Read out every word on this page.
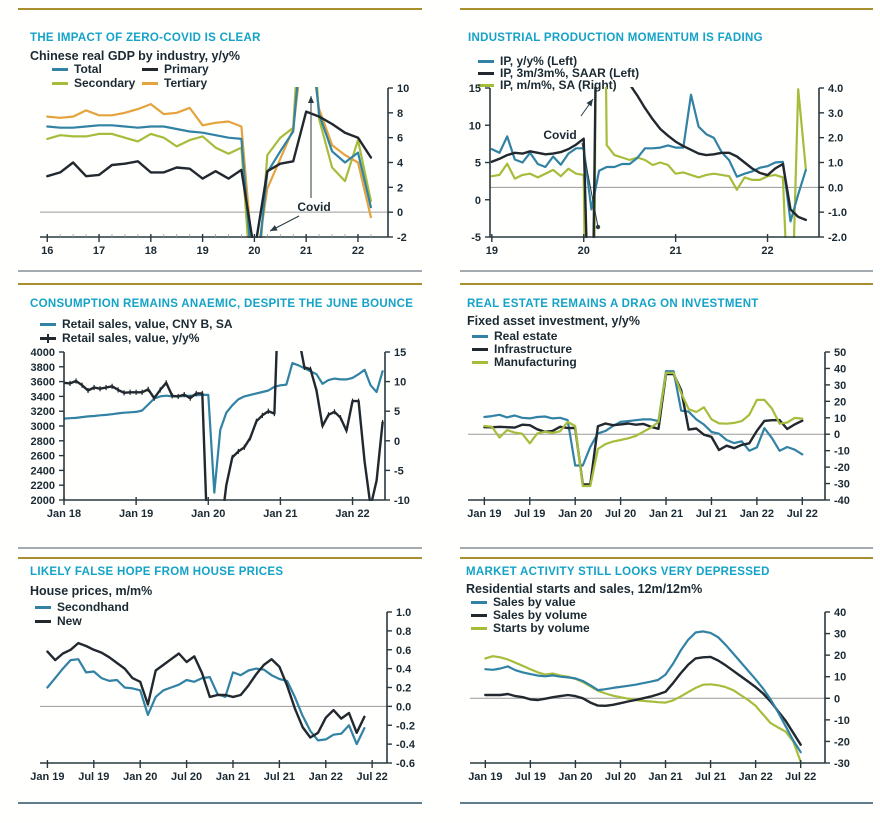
THE IMPACT OF ZERO-COVID IS CLEAR	INDUSTRIAL PRODUCTION MOMENTUM IS FADING
CONSUMPTION REMAINS ANAEMIC, DESPITE THE JUNE BOUNCE	REAL ESTATE REMAINS A DRAG ON INVESTMENT
LIKELY FALSE HOPE FROM HOUSE PRICES	MARKET ACTIVITY STILL LOOKS VERY DEPRESSED

Chinese real GDP by industry, y/y%

Fixed asset investment, y/y%

House prices, m/m%	Residential starts and sales, 12m/12m%

Total	Primary
Secondary Tertiary
IP, y/y% (Left)
IP, 3m/3m%, SAAR (Left)
IP, m/m%, SA (Right)
Retail sales, value, CNY B, SA
Retail sales, value, y/y%	Real estate
Infrastructure
Manufacturing
Secondhand
New
Sales by value
Sales by volume
Starts by volume
-2
0
2
4
6
8
10
16	17	18	19	20	21	22
Covid
-5
0
5
10
15
-2.0
-1.0
0.0
1.0
2.0
3.0
4.0
19	20	21	22
Covid
2000
2200
2400
2600
2800
3000
3200
3400
3600
3800
4000
-10
-5
0
5
10
15
Jan 18	Jan 19	Jan 20	Jan 21	Jan 22
-40
-30
-20
-10
0
10
20
30
40
50
Jan 19 Jul 19 Jan 20 Jul 20 Jan 21 Jul 21 Jan 22 Jul 22
-0.6
-0.4
-0.2
0.0
0.2
0.4
0.6
0.8
1.0
Jan 19 Jul 19 Jan 20 Jul 20 Jan 21 Jul 21 Jan 22 Jul 22
-30
-20
-10
0
10
20
30
40
Jan 19 Jul 19 Jan 20 Jul 20 Jan 21 Jul 21 Jan 22 Jul 22
